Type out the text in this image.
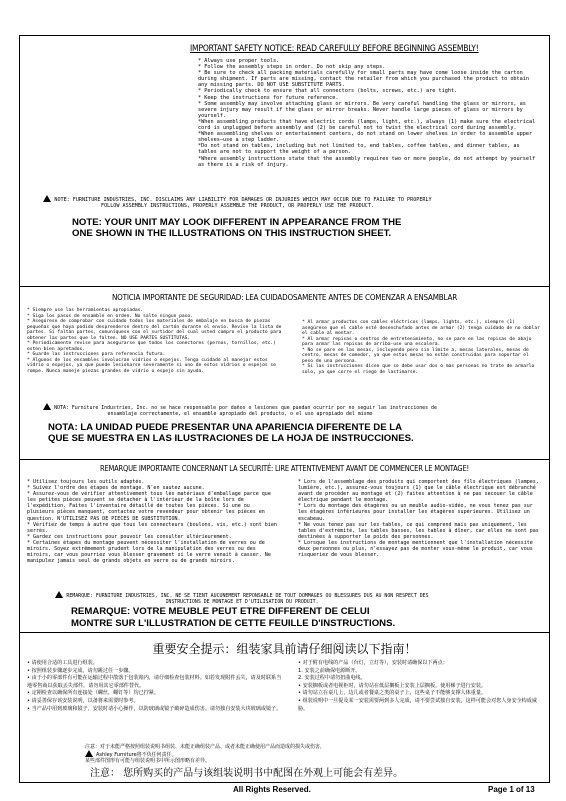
IMPORTANT SAFETY NOTICE: READ CAREFULLY BEFORE BEGINNING ASSEMBLY!
* Always use proper tools.
* Follow the assembly steps in order. Do not skip any steps.
* Be sure to check all packing materials carefully for small parts may have come loose inside the carton during shipment. If parts are missing, contact the retailer from which you purchased the product to obtain any missing parts. DO NOT USE SUBSTITUTE PARTS.
* Periodically check to ensure that all connectors (bolts, screws, etc.) are tight.
* Keep the instructions for future reference.
* Some assembly may involve attaching glass or mirrors. Be very careful handling the glass or mirrors, as severe injury may result if the glass or mirror breaks. Never handle large pieces of glass or mirrors by yourself.
*When assembling products that have electric cords (lamps, light, etc.), always (1) make sure the electrical cord is unplugged before assembly and (2) be careful not to twist the electrical cord during assembly.
*When assembling shelves or entertainment centers, do not stand on lower shelves in order to assemble upper shelves—use a step ladder.
*Do not stand on tables, including but not limited to, end tables, coffee tables, and dinner tables, as tables are not to support the weight of a person.
*Where assembly instructions state that the assembly requires two or more people, do not attempt by yourself as there is a risk of injury.
NOTE: FURNITURE INDUSTRIES, INC. DISCLAIMS ANY LIABILITY FOR DAMAGES OR INJURIES WHICH MAY OCCUR DUE TO FAILURE TO PROPERLY FOLLOW ASSEMBLY INSTRUCTIONS, PROPERLY ASSEMBLE THE PRODUCT, OR PROPERLY USE THE PRODUCT.
NOTE: YOUR UNIT MAY LOOK DIFFERENT IN APPEARANCE FROM THE
ONE SHOWN IN THE ILLUSTRATIONS ON THIS INSTRUCTION SHEET.
NOTICIA IMPORTANTE DE SEGURIDAD: LEA CUIDADOSAMENTE ANTES DE COMENZAR A ENSAMBLAR
* Siempre use las herramientas apropiadas.
* Siga los pasos de ensamble en orden. No salte ningun paso.
* Asegúrese de comprobar con cuidado todos los materiales de embalaje en busca de piezas pequeñas que haya podido desprenderse dentro del cartón durante el envío. Revise la lista de partes. Si faltan partes, comuníquese con el surtidor del cual usted compro el producto para obtener las partes que le falten. NO USE PARTES SUSTITUTAS.
* Periodicamente revise para asegurarse que todos los conectores (pernos, tornillos, etc.) esten bien apretados.
* Guarde las instrucciones para referencia futura.
* Algunos de los ensambles involucran vidrios o espejos. Tenga cuidado al manejar estos vidrio o espejos, ya que puede lesionarse severamente si uno de estos vidrios o espejos se rompe. Nunca maneje piezas grandes de vidrio o espejo sin ayuda.
* Al armar productos con cables eléctricos (lamps, lights, etc.), siempre (1) asegúrese que el cable esté desenchufado antes de armar (2) tenga cuidado de no doblar el cable al montar.
* Al armar repisas o centros de entretenimiento, no se pare en las repisas de abajo para armar las repisas de arriba-use una escalera.
* No se pare en las mesas, incluyendo pero sin límite a, mesas laterales, mesas de centro, mesas de comedor, ya que estas mesas no están construidas para soportar el peso de una persona.
* Si las instrucciones dicen que se debe usar dos o mas personas no trate de armarlo solo, ya que corre el riego de lastimarse.
NOTA: Furniture Industries, Inc. no se hace responsable por daños o lesiones que puedan ocurrir por no seguir las instrucciones de ensamblaje correctamente, el ensamble apropiado del producto, o el uso apropiado del mismo
NOTA: LA UNIDAD PUEDE PRESENTAR UNA APARIENCIA DIFERENTE DE LA
QUE SE MUESTRA EN LAS ILUSTRACIONES DE LA HOJA DE INSTRUCCIONES.
REMARQUE IMPORTANTE CONCERNANT LA SECURITÉ: LIRE ATTENTIVEMENT AVANT DE COMMENCER LE MONTAGE!
* Utilisez toujours les outils adaptés.
* Suivez l'ordre des étapes de montage. N'en sautez aucune.
* Assurez-vous de vérifier attentivement tous les matériaux d'emballage parce que les petites pièces peuvent se détacher à l'intérieur de la boîte lors de l'expédition. Faites l'inventaire détaillé de toutes les pièces. Si une ou plusieurs pièces manquent, contactez votre revendeur pour obtenir les pièces en question. N'UTILISEZ PAS DE PIECES DE SUBSTITUTION.
* Vérifiez de temps à autre que tous les connecteurs (boulons, vis, etc.) sont bien serrés.
* Gardez ces instructions pour pouvoir les consulter ultérieurement.
* Certaines étapes du montage peuvent nécessiter l'installation de verres ou de miroirs. Soyez extrêmement prudent lors de la manipulation des verres ou des miroirs, car vous pourriez vous blesser gravement si le verre venait à casser. Ne manipulez jamais seul de grands objets en verre ou de grands miroirs.
* Lors de l'assemblage des produits qui comportent des fils électriques (lampes, lumière, etc.), assurez-vous toujours (1) que le câble électrique est débranché avant de procéder au montage et (2) faites attention à ne pas secouer le câble électrique pendant le montage.
* Lors du montage des étagères ou un meuble audio-vidéo, ne vous tenez pas sur les étagères inférieures pour installer les étagères supérieures. Utilisez un escabeau.
* Ne vous tenez pas sur les tables, ce qui comprend mais pas uniquement, les tables d'extrémité, les tables basses, les tables à dîner, car elles ne sont pas destinées à supporter le poids des personnes.
* Lorsque les instructions de montage mentionnent que l'installation nécessite deux personnes ou plus, n'essayez pas de monter vous-même le produit, car vous risqueriez de vous blesser.
REMARQUE: FURNITURE INDUSTRIES, INC. NE SE TIENT AUCUNEMENT REPONSABLE DE TOUT DOMMAGES OU BLESSURES DUS AU NON RESPECT DES INSTRUCTIONS DE MONTAGE ET D'UTILISATION DU PRODUIT.
REMARQUE: VOTRE MEUBLE PEUT ETRE DIFFERENT DE CELUI
MONTRE SUR L'ILLUSTRATION DE CETTE FEUILLE D'INSTRUCTIONS.
重要安全提示：组装家具前请仔细阅读以下指南！
• 请使用合适的工具进行组装。
• 按照组装步骤逐步完成，请勿跳过任一步骤。
• 由于小的零部件有可能在运输过程中散落于包装箱内，请仔细检查包装材料。如若发现附件丢失，请及时联系当地零售商以获取丢失部件。请勿用其它零部件替代。
• 定期检查以确保所有连接处（螺丝，螺钉等）均已拧紧。
• 请妥善保存该安装说明，以备将来需要时参考。
• 当产品中用到玻璃和镜子，安装时请小心操作，以防玻璃或镜子破碎造成伤害。请勿独自安装大块玻璃或镜子。
• 对于附有电线的产品（台灯，立灯等），安装时请确保以下两点：
1. 安装之前确保电源断开。
2. 安装过程中请勿扭曲电线。
• 安装搁板或者电视柜时，请勿站在低层搁板上安装上层搁板，使用梯子进行安装。
• 请勿站立在桌几上，边几或者餐桌之类的桌子上，这些桌子不能够支撑人体重量。
• 组装说明中一旦提及某一安装需要两到多人完成，请不要尝试独自安装，这样可能会对您人身安全构成威胁。
注意：对于未能严格按照组装说明书组装、未能正确组装产品、或者未能正确使用产品而造成的损失或伤害，
Ashley Furniture将不负任何责任。
某些部件图形有可能与组装说明书中所示图形略有差异。
注意： 您所购买的产品与该组装说明书中配图在外观上可能会有差异。
All Rights Reserved.	Page 1 of 13
